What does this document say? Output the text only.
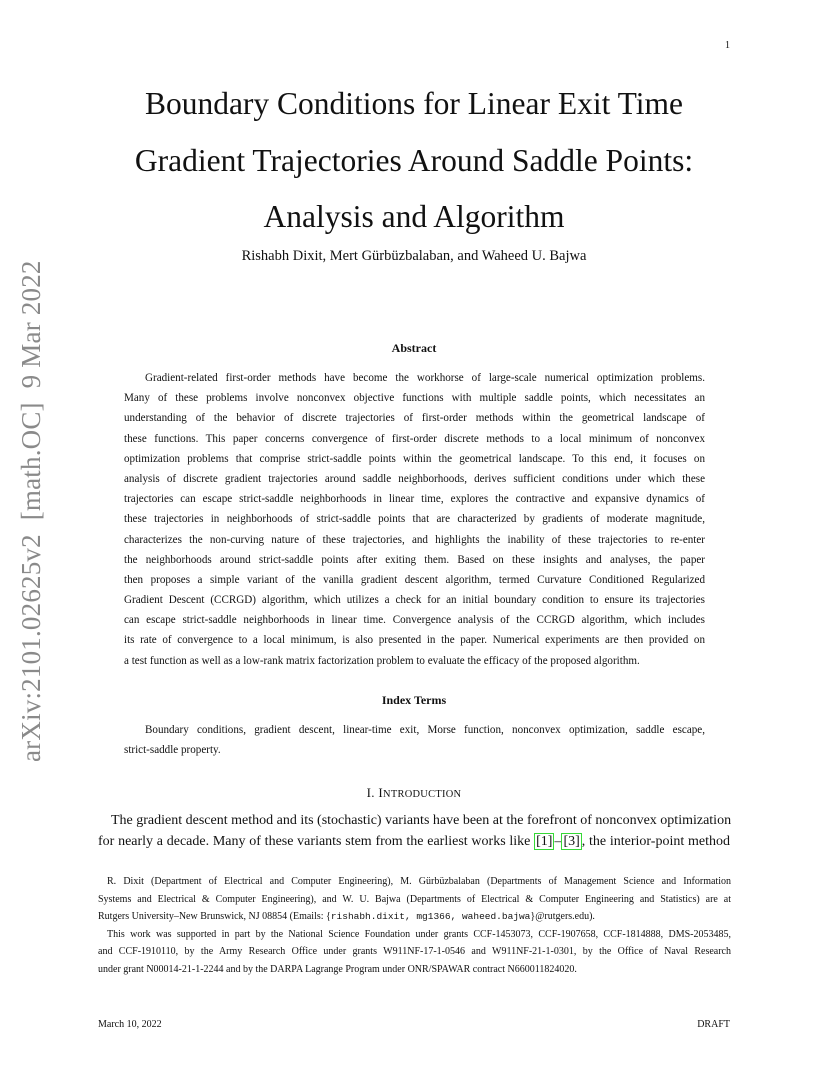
1
arXiv:2101.02625v2  [math.OC]  9 Mar 2022
Boundary Conditions for Linear Exit Time
Gradient Trajectories Around Saddle Points:
Analysis and Algorithm
Rishabh Dixit, Mert Gürbüzbalaban, and Waheed U. Bajwa
Abstract
Gradient-related first-order methods have become the workhorse of large-scale numerical optimization problems.
Many of these problems involve nonconvex objective functions with multiple saddle points, which necessitates an
understanding of the behavior of discrete trajectories of first-order methods within the geometrical landscape of
these functions. This paper concerns convergence of first-order discrete methods to a local minimum of nonconvex
optimization problems that comprise strict-saddle points within the geometrical landscape. To this end, it focuses on
analysis of discrete gradient trajectories around saddle neighborhoods, derives sufficient conditions under which these
trajectories can escape strict-saddle neighborhoods in linear time, explores the contractive and expansive dynamics of
these trajectories in neighborhoods of strict-saddle points that are characterized by gradients of moderate magnitude,
characterizes the non-curving nature of these trajectories, and highlights the inability of these trajectories to re-enter
the neighborhoods around strict-saddle points after exiting them. Based on these insights and analyses, the paper
then proposes a simple variant of the vanilla gradient descent algorithm, termed Curvature Conditioned Regularized
Gradient Descent (CCRGD) algorithm, which utilizes a check for an initial boundary condition to ensure its trajectories
can escape strict-saddle neighborhoods in linear time. Convergence analysis of the CCRGD algorithm, which includes
its rate of convergence to a local minimum, is also presented in the paper. Numerical experiments are then provided on
a test function as well as a low-rank matrix factorization problem to evaluate the efficacy of the proposed algorithm.
Index Terms
Boundary conditions, gradient descent, linear-time exit, Morse function, nonconvex optimization, saddle escape,
strict-saddle property.
I. INTRODUCTION
The gradient descent method and its (stochastic) variants have been at the forefront of nonconvex optimization
for nearly a decade. Many of these variants stem from the earliest works like [1] – [3] , the interior-point method
R. Dixit (Department of Electrical and Computer Engineering), M. Gürbüzbalaban (Departments of Management Science and Information
Systems and Electrical & Computer Engineering), and W. U. Bajwa (Departments of Electrical & Computer Engineering and Statistics) are at
Rutgers University–New Brunswick, NJ 08854 (Emails: {rishabh.dixit, mg1366, waheed.bajwa}@rutgers.edu).
This work was supported in part by the National Science Foundation under grants CCF-1453073, CCF-1907658, CCF-1814888, DMS-2053485,
and CCF-1910110, by the Army Research Office under grants W911NF-17-1-0546 and W911NF-21-1-0301, by the Office of Naval Research
under grant N00014-21-1-2244 and by the DARPA Lagrange Program under ONR/SPAWAR contract N660011824020.
March 10, 2022	DRAFT
